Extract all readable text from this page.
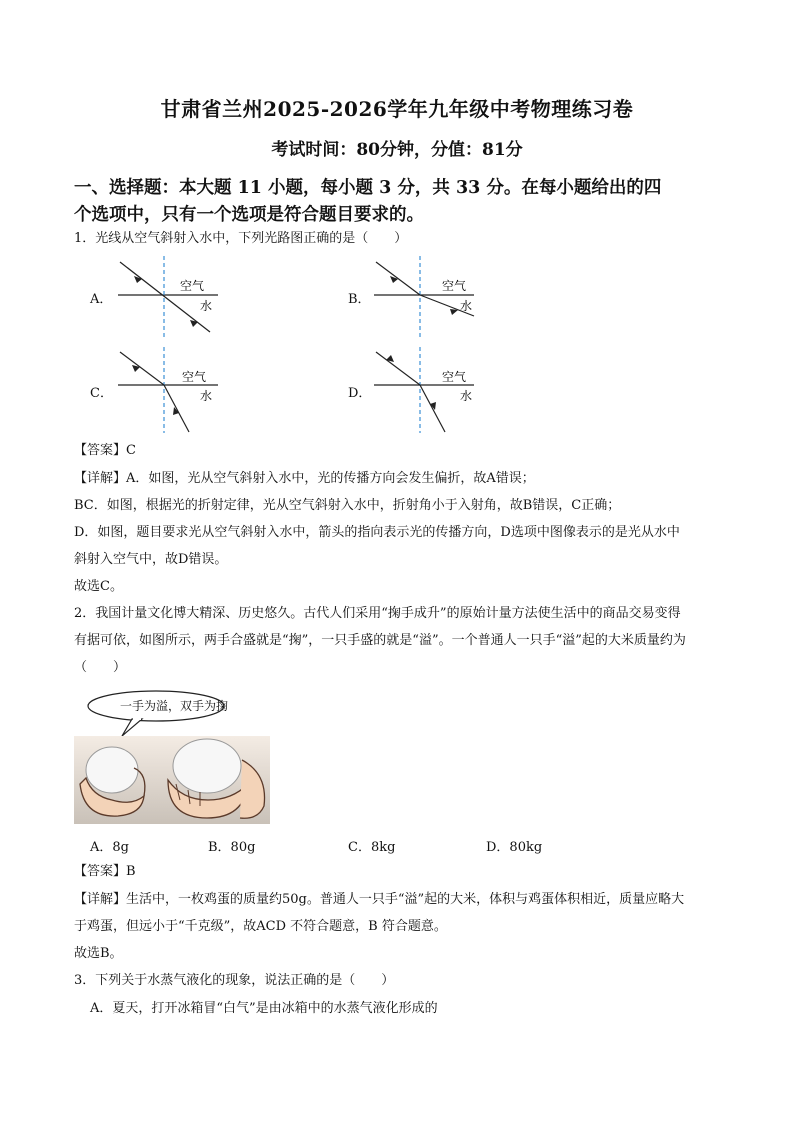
甘肃省兰州2025-2026学年九年级中考物理练习卷
考试时间：80分钟，分值：81分
一、选择题：本大题 11 小题，每小题 3 分，共 33 分。在每小题给出的四
个选项中，只有一个选项是符合题目要求的。
1．光线从空气斜射入水中，下列光路图正确的是（　　）
A．
空气
水	B．
空气
水
C．
空气
水	D．
空气
水
【答案】C
【详解】A．如图，光从空气斜射入水中，光的传播方向会发生偏折，故A错误；
BC．如图，根据光的折射定律，光从空气斜射入水中，折射角小于入射角，故B错误，C正确；
D．如图，题目要求光从空气斜射入水中，箭头的指向表示光的传播方向，D选项中图像表示的是光从水中
斜射入空气中，故D错误。
故选C。
2．我国计量文化博大精深、历史悠久。古代人们采用“掬手成升”的原始计量方法使生活中的商品交易变得
有据可依，如图所示，两手合盛就是“掬”，一只手盛的就是“溢”。一个普通人一只手“溢”起的大米质量约为
（　　）
一手为溢，双手为掬
A．8g	B．80g	C．8kg	D．80kg
【答案】B
【详解】生活中，一枚鸡蛋的质量约50g。普通人一只手“溢”起的大米，体积与鸡蛋体积相近，质量应略大
于鸡蛋，但远小于“千克级”，故ACD 不符合题意，B 符合题意。
故选B。
3．下列关于水蒸气液化的现象，说法正确的是（　　）
A．夏天，打开冰箱冒“白气”是由冰箱中的水蒸气液化形成的
